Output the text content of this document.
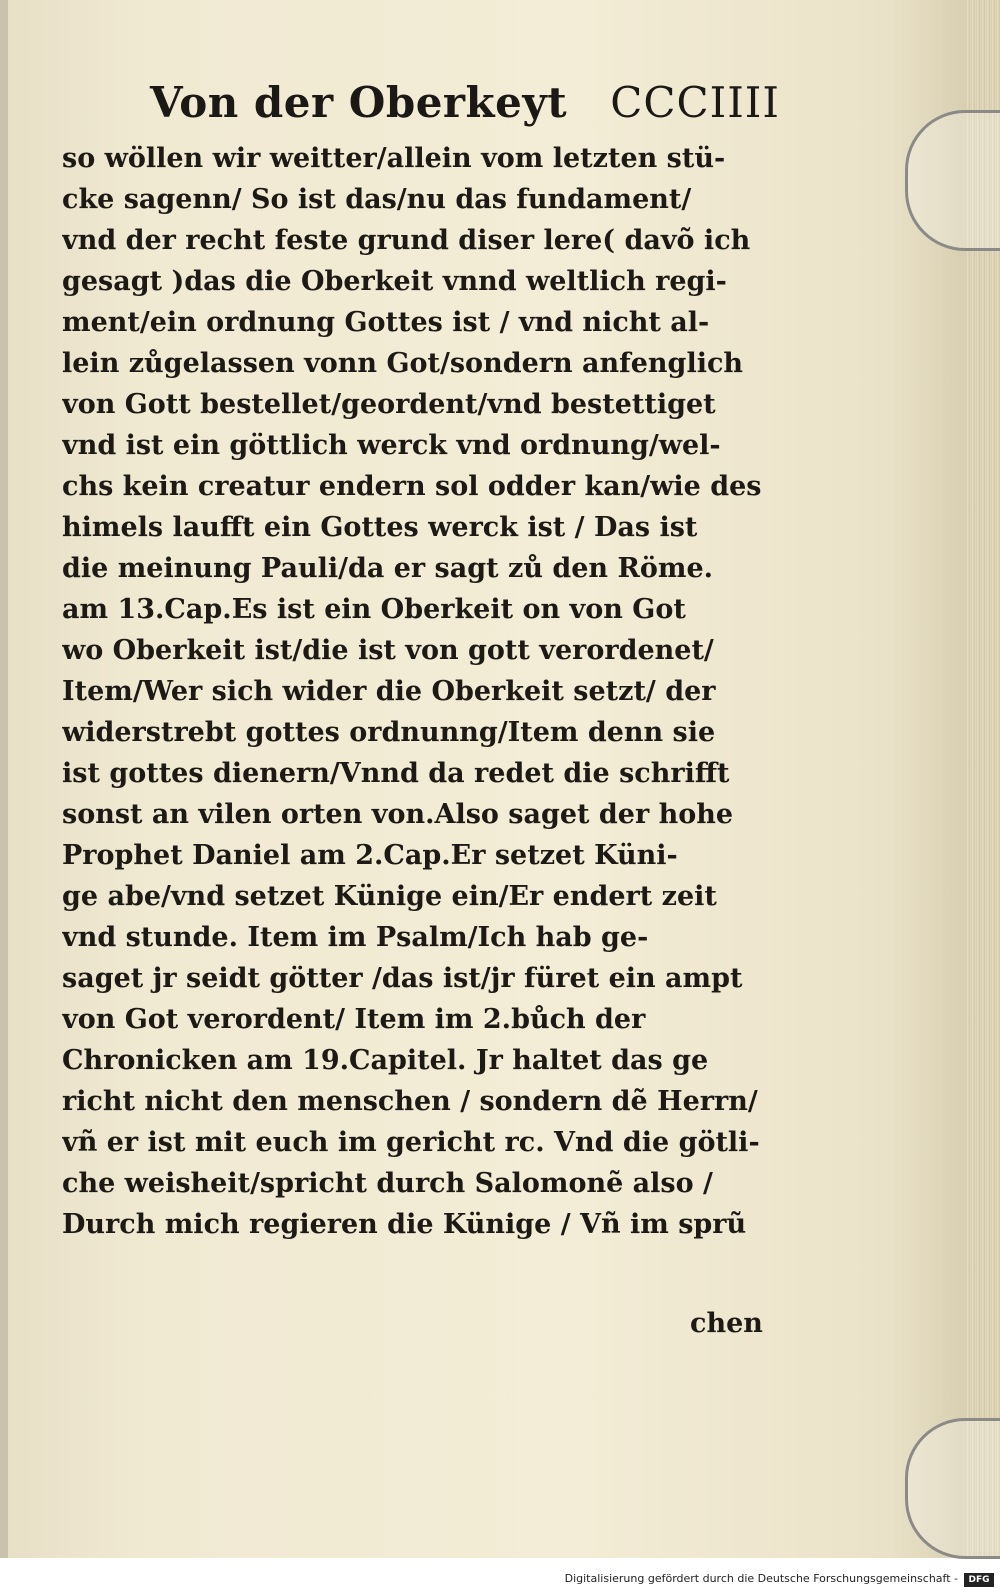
Von der Oberkeyt CCCIIII
so wöllen wir weitter/allein vom letzten stü-
cke sagenn/ So ist das/nu das fundament/
vnd der recht feste grund diser lere( davõ ich
gesagt )das die Oberkeit vnnd weltlich regi-
ment/ein ordnung Gottes ist / vnd nicht al-
lein zůgelassen vonn Got/sondern anfenglich
von Gott bestellet/geordent/vnd bestettiget
vnd ist ein göttlich werck vnd ordnung/wel-
chs kein creatur endern sol odder kan/wie des
himels laufft ein Gottes werck ist / Das ist
die meinung Pauli/da er sagt zů den Röme.
am 13.Cap.Es ist ein Oberkeit on von Got
wo Oberkeit ist/die ist von gott verordenet/
Item/Wer sich wider die Oberkeit setzt/ der
widerstrebt gottes ordnunng/Item denn sie
ist gottes dienern/Vnnd da redet die schrifft
sonst an vilen orten von.Also saget der hohe
Prophet Daniel am 2.Cap.Er setzet Küni-
ge abe/vnd setzet Künige ein/Er endert zeit
vnd stunde. Item im Psalm/Ich hab ge-
saget jr seidt götter /das ist/jr füret ein ampt
von Got verordent/ Item im 2.bůch der
Chronicken am 19.Capitel. Jr haltet das ge
richt nicht den menschen / sondern dẽ Herrn/
vñ er ist mit euch im gericht rc. Vnd die götli-
che weisheit/spricht durch Salomonẽ also /
Durch mich regieren die Künige / Vñ im sprũ
chen
Digitalisierung gefördert durch die Deutsche Forschungsgemeinschaft -	DFG
